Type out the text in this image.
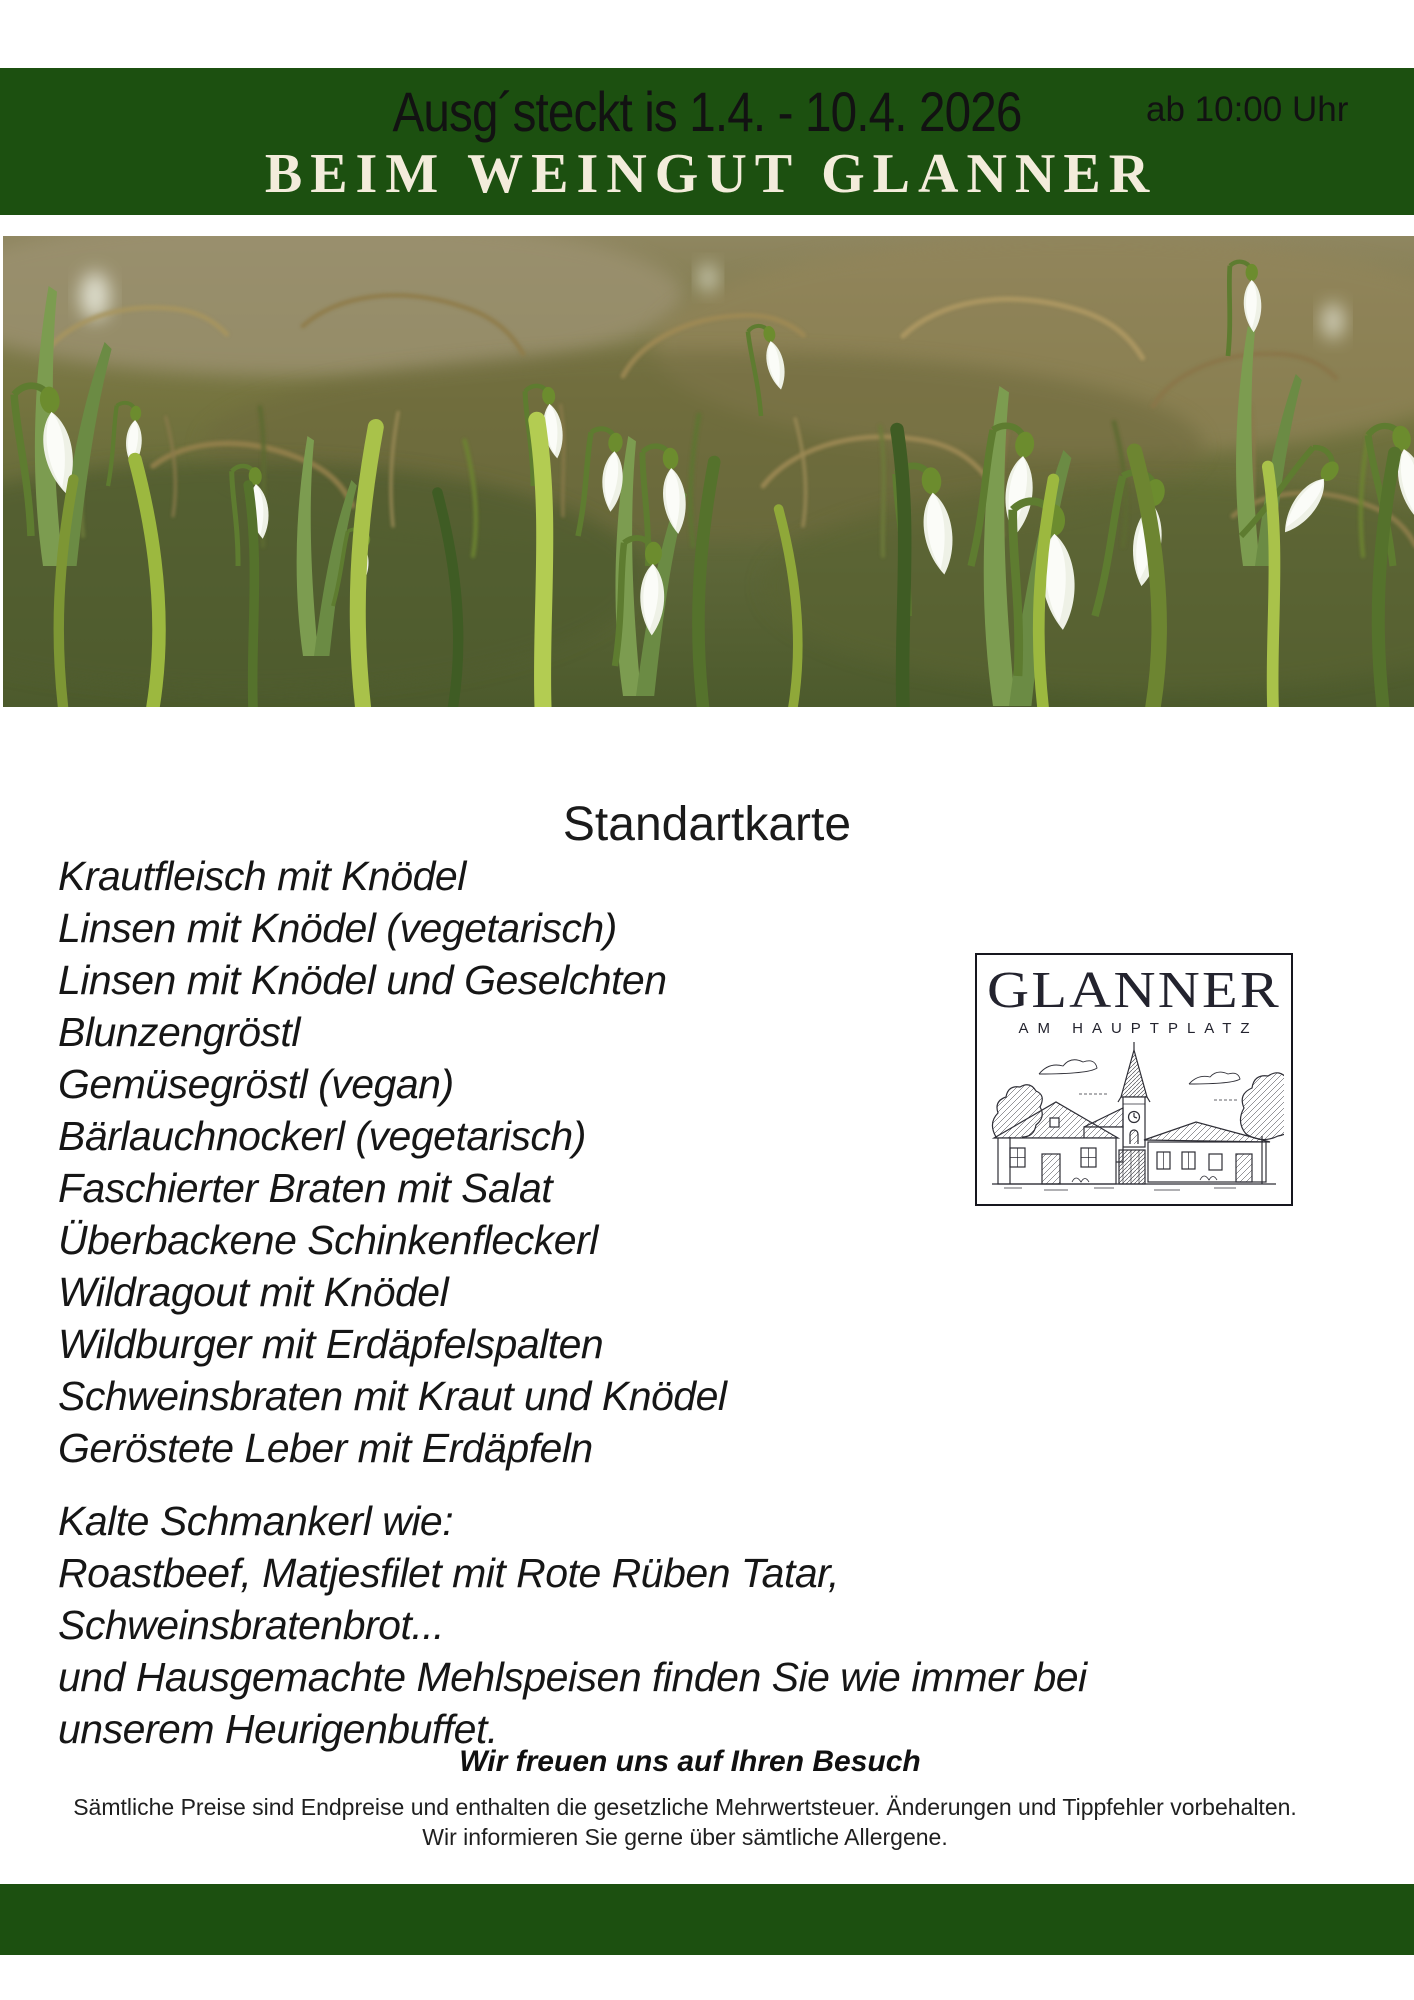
Ausg´steckt is 1.4. - 10.4. 2026	ab 10:00 Uhr
BEIM WEINGUT GLANNER
Standartkarte
Krautfleisch mit Knödel
Linsen mit Knödel (vegetarisch)
Linsen mit Knödel und Geselchten
Blunzengröstl
Gemüsegröstl (vegan)
Bärlauchnockerl (vegetarisch)
Faschierter Braten mit Salat
Überbackene Schinkenfleckerl
Wildragout mit Knödel
Wildburger mit Erdäpfelspalten
Schweinsbraten mit Kraut und Knödel
Geröstete Leber mit Erdäpfeln
GLANNER
AM HAUPTPLATZ
Kalte Schmankerl wie:
Roastbeef, Matjesfilet mit Rote Rüben Tatar,
Schweinsbratenbrot...
und Hausgemachte Mehlspeisen finden Sie wie immer bei
unserem Heurigenbuffet.
Wir freuen uns auf Ihren Besuch
Sämtliche Preise sind Endpreise und enthalten die gesetzliche Mehrwertsteuer. Änderungen und Tippfehler vorbehalten.
Wir informieren Sie gerne über sämtliche Allergene.
